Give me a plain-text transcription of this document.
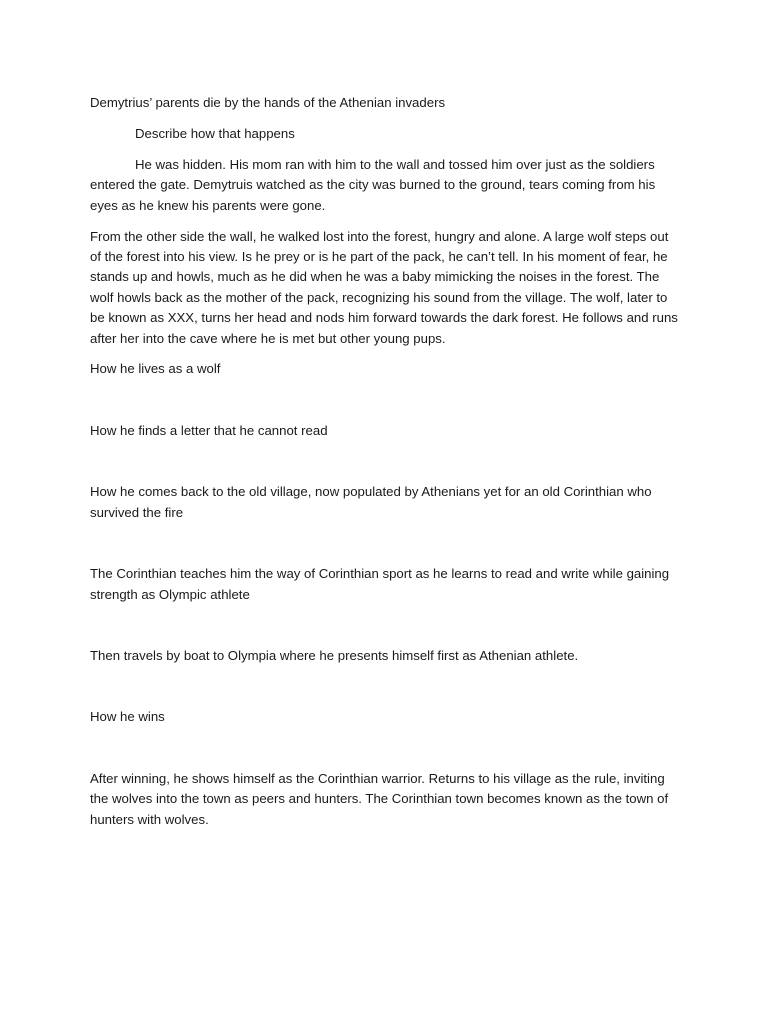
Demytrius’ parents die by the hands of the Athenian invaders

Describe how that happens

He was hidden. His mom ran with him to the wall and tossed him over just as the soldiers entered the gate. Demytruis watched as the city was burned to the ground, tears coming from his eyes as he knew his parents were gone.

From the other side the wall, he walked lost into the forest, hungry and alone. A large wolf steps out of the forest into his view. Is he prey or is he part of the pack, he can’t tell. In his moment of fear, he stands up and howls, much as he did when he was a baby mimicking the noises in the forest. The wolf howls back as the mother of the pack, recognizing his sound from the village. The wolf, later to be known as XXX, turns her head and nods him forward towards the dark forest. He follows and runs after her into the cave where he is met but other young pups.

How he lives as a wolf

How he finds a letter that he cannot read

How he comes back to the old village, now populated by Athenians yet for an old Corinthian who survived the fire

The Corinthian teaches him the way of Corinthian sport as he learns to read and write while gaining strength as Olympic athlete

Then travels by boat to Olympia where he presents himself first as Athenian athlete.

How he wins

After winning, he shows himself as the Corinthian warrior. Returns to his village as the rule, inviting the wolves into the town as peers and hunters. The Corinthian town becomes known as the town of hunters with wolves.
